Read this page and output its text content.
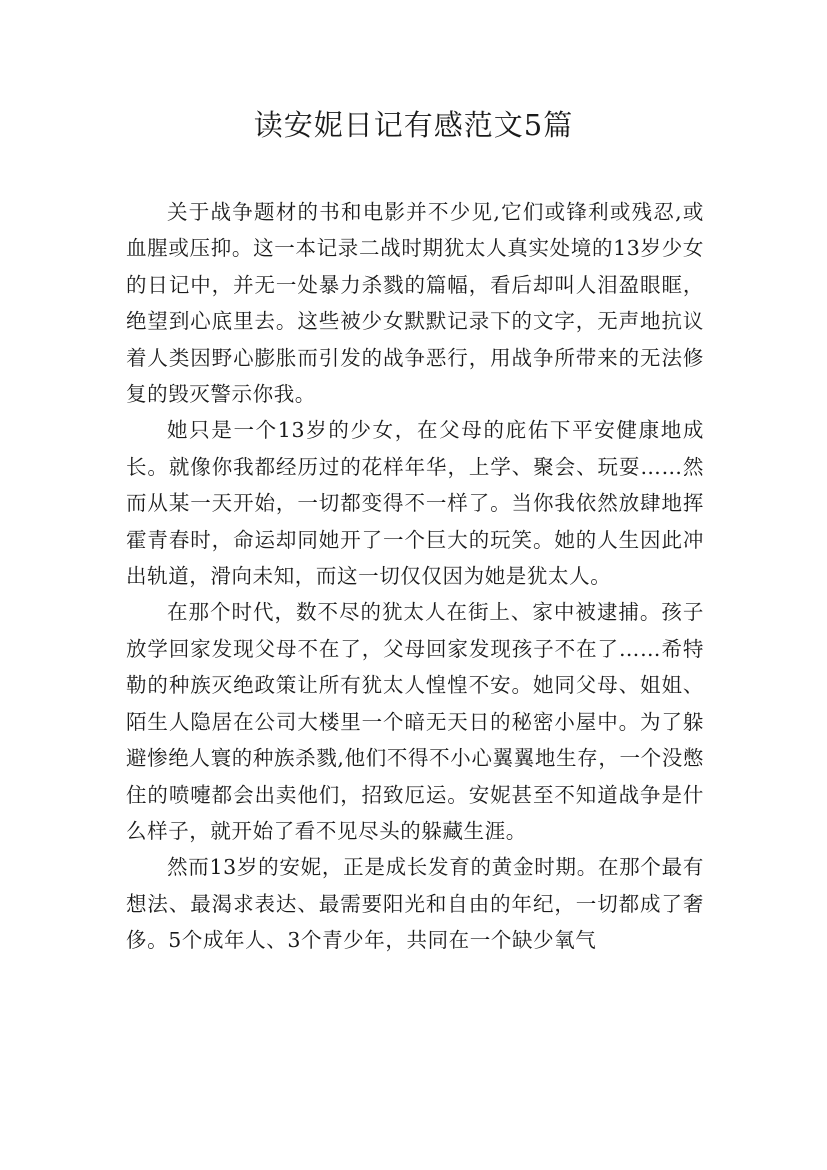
读安妮日记有感范文5篇

关于战争题材的书和电影并不少见,它们或锋利或残忍,或血腥或压抑。这一本记录二战时期犹太人真实处境的13岁少女的日记中，并无一处暴力杀戮的篇幅，看后却叫人泪盈眼眶，绝望到心底里去。这些被少女默默记录下的文字，无声地抗议着人类因野心膨胀而引发的战争恶行，用战争所带来的无法修复的毁灭警示你我。

她只是一个13岁的少女，在父母的庇佑下平安健康地成长。就像你我都经历过的花样年华，上学、聚会、玩耍……然而从某一天开始，一切都变得不一样了。当你我依然放肆地挥霍青春时，命运却同她开了一个巨大的玩笑。她的人生因此冲出轨道，滑向未知，而这一切仅仅因为她是犹太人。

在那个时代，数不尽的犹太人在街上、家中被逮捕。孩子放学回家发现父母不在了，父母回家发现孩子不在了……希特勒的种族灭绝政策让所有犹太人惶惶不安。她同父母、姐姐、陌生人隐居在公司大楼里一个暗无天日的秘密小屋中。为了躲避惨绝人寰的种族杀戮,他们不得不小心翼翼地生存，一个没憋住的喷嚏都会出卖他们，招致厄运。安妮甚至不知道战争是什么样子，就开始了看不见尽头的躲藏生涯。

然而13岁的安妮，正是成长发育的黄金时期。在那个最有想法、最渴求表达、最需要阳光和自由的年纪，一切都成了奢侈。5个成年人、3个青少年，共同在一个缺少氧气
